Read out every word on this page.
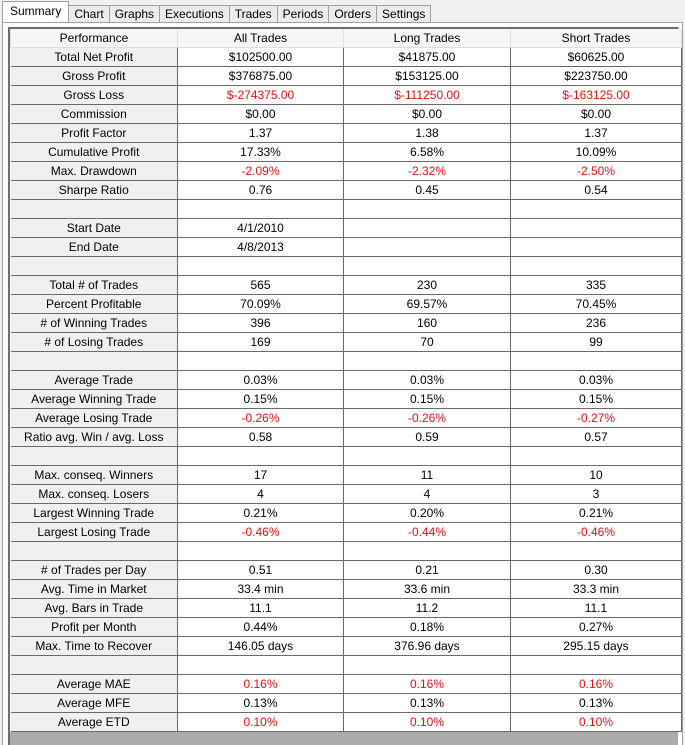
Summary	Chart Graphs Executions Trades Periods Orders Settings
Performance	All Trades	Long Trades	Short Trades
Total Net Profit	$102500.00	$41875.00	$60625.00
Gross Profit	$376875.00	$153125.00	$223750.00
Gross Loss	$-274375.00	$-111250.00	$-163125.00
Commission	$0.00	$0.00	$0.00
Profit Factor	1.37	1.38	1.37
Cumulative Profit	17.33%	6.58%	10.09%
Max. Drawdown	-2.09%	-2.32%	-2.50%
Sharpe Ratio	0.76	0.45	0.54

Start Date	4/1/2010		
End Date	4/8/2013		

Total # of Trades	565	230	335
Percent Profitable	70.09%	69.57%	70.45%
# of Winning Trades	396	160	236
# of Losing Trades	169	70	99

Average Trade	0.03%	0.03%	0.03%
Average Winning Trade	0.15%	0.15%	0.15%
Average Losing Trade	-0.26%	-0.26%	-0.27%
Ratio avg. Win / avg. Loss	0.58	0.59	0.57

Max. conseq. Winners	17	11	10
Max. conseq. Losers	4	4	3
Largest Winning Trade	0.21%	0.20%	0.21%
Largest Losing Trade	-0.46%	-0.44%	-0.46%

# of Trades per Day	0.51	0.21	0.30
Avg. Time in Market	33.4 min	33.6 min	33.3 min
Avg. Bars in Trade	11.1	11.2	11.1
Profit per Month	0.44%	0.18%	0.27%
Max. Time to Recover	146.05 days	376.96 days	295.15 days

Average MAE	0.16%	0.16%	0.16%
Average MFE	0.13%	0.13%	0.13%
Average ETD	0.10%	0.10%	0.10%
